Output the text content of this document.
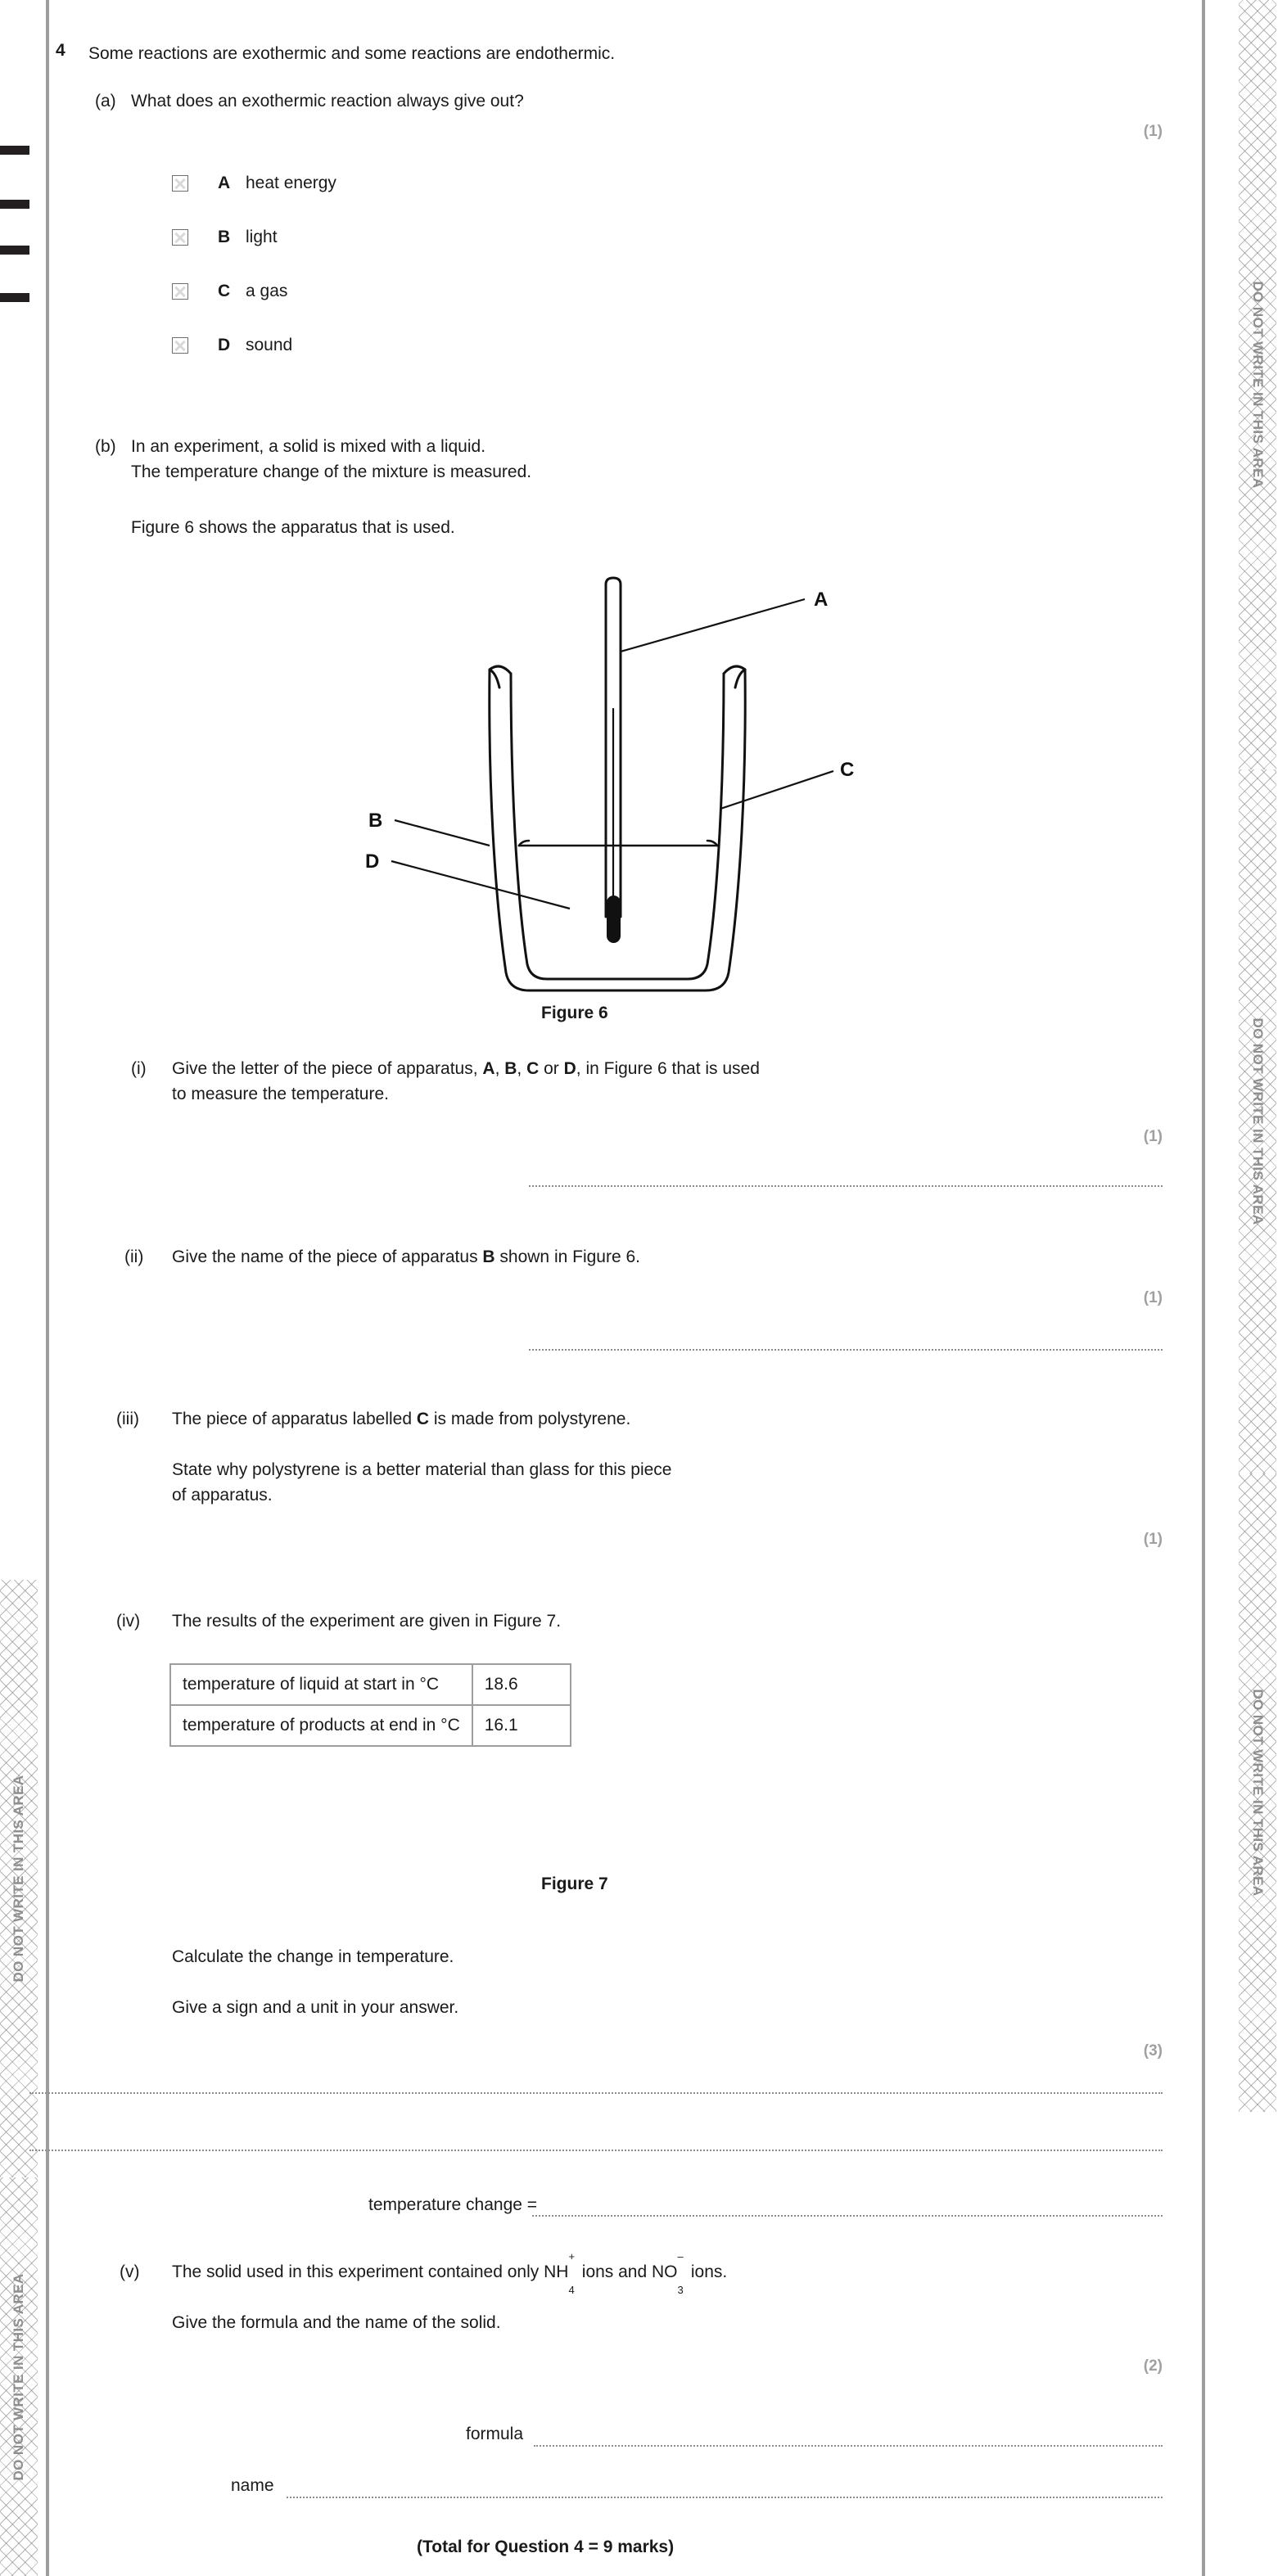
DO NOT WRITE IN THIS AREA
DO NOT WRITE IN THIS AREA
DO NOT WRITE IN THIS AREA
DO NOT WRITE IN THIS AREA
DO NOT WRITE IN THIS AREA
4 Some reactions are exothermic and some reactions are endothermic.
(a) What does an exothermic reaction always give out?
(1)
A heat energy
B light
C a gas
D sound
(b) In an experiment, a solid is mixed with a liquid.
The temperature change of the mixture is measured.
Figure 6 shows the apparatus that is used.
A
C
B
D
Figure 6
(i) Give the letter of the piece of apparatus, A, B, C or D, in Figure 6 that is used
to measure the temperature.
(1)
(ii) Give the name of the piece of apparatus B shown in Figure 6.
(1)
(iii) The piece of apparatus labelled C is made from polystyrene.
State why polystyrene is a better material than glass for this piece
of apparatus.
(1)
(iv) The results of the experiment are given in Figure 7.
temperature of liquid at start in °C	18.6
temperature of products at end in °C	16.1
Figure 7
Calculate the change in temperature.
Give a sign and a unit in your answer.
(3)
temperature change =
(v) The solid used in this experiment contained only NH
4
+
ions and NO
3
–
ions.
Give the formula and the name of the solid.
(2)
formula
name
(Total for Question 4 = 9 marks)
